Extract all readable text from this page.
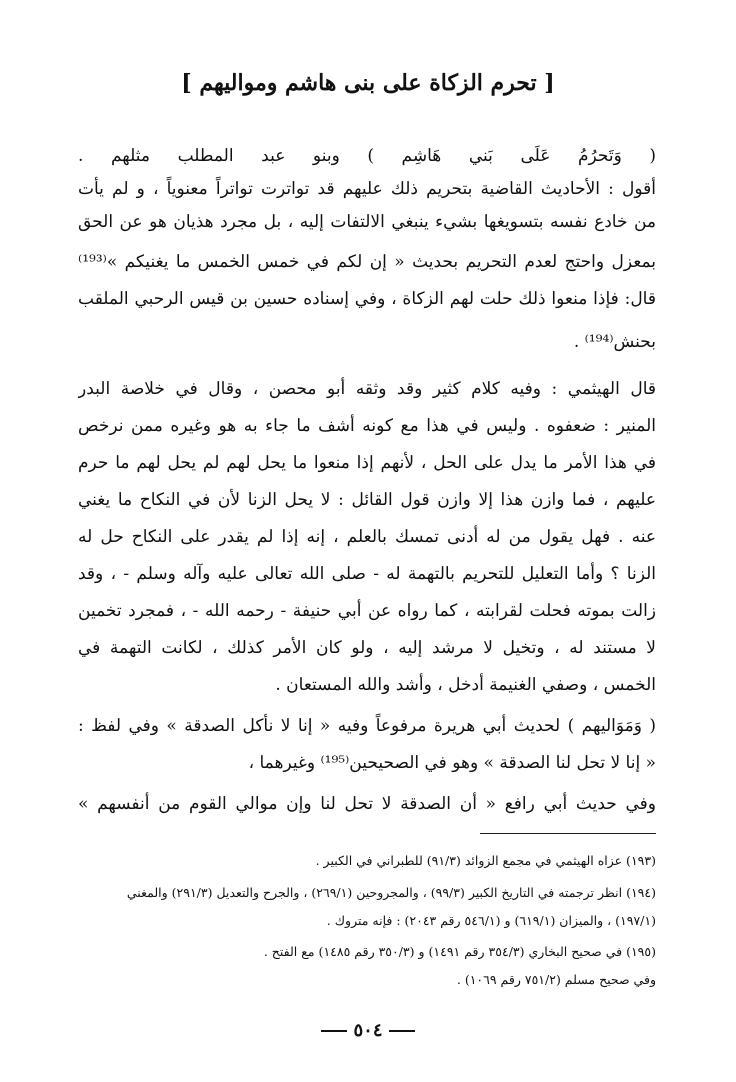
[ تحرم الزكاة على بنى هاشم ومواليهم ]
( وَتَحرُمُ عَلَى بَني هَاشِم ) وبنو عبد المطلب مثلهم .
أقول : الأحاديث القاضية بتحريم ذلك عليهم قد تواترت تواتراً معنوياً ، و لم يأت
من خادع نفسه بتسويغها بشيء ينبغي الالتفات إليه ، بل مجرد هذيان هو عن الحق
بمعزل واحتج لعدم التحريم بحديث « إن لكم في خمس الخمس ما يغنيكم »⁽¹⁹³⁾
قال: فإذا منعوا ذلك حلت لهم الزكاة ، وفي إسناده حسين بن قيس الرحبي الملقب
بحنش⁽¹⁹⁴⁾ .
قال الهيثمي : وفيه كلام كثير وقد وثقه أبو محصن ، وقال في خلاصة البدر
المنير : ضعفوه . وليس في هذا مع كونه أشف ما جاء به هو وغيره ممن نرخص
في هذا الأمر ما يدل على الحل ، لأنهم إذا منعوا ما يحل لهم لم يحل لهم ما حرم
عليهم ، فما وازن هذا إلا وازن قول القائل : لا يحل الزنا لأن في النكاح ما يغني
عنه . فهل يقول من له أدنى تمسك بالعلم ، إنه إذا لم يقدر على النكاح حل له
الزنا ؟ وأما التعليل للتحريم بالتهمة له - صلى الله تعالى عليه وآله وسلم - ، وقد
زالت بموته فحلت لقرابته ، كما رواه عن أبي حنيفة - رحمه الله - ، فمجرد تخمين
لا مستند له ، وتخيل لا مرشد إليه ، ولو كان الأمر كذلك ، لكانت التهمة في
الخمس ، وصفي الغنيمة أدخل ، وأشد والله المستعان .
( وَمَوَاليهم ) لحديث أبي هريرة مرفوعاً وفيه « إنا لا نأكل الصدقة » وفي لفظ :
« إنا لا تحل لنا الصدقة » وهو في الصحيحين⁽¹⁹⁵⁾ وغيرهما ،
وفي حديث أبي رافع « أن الصدقة لا تحل لنا وإن موالي القوم من أنفسهم »
(١٩٣) عزاه الهيثمي في مجمع الزوائد (٩١/٣) للطبراني في الكبير .
(١٩٤) انظر ترجمته في التاريخ الكبير (٩٩/٣) ، والمجروحين (٢٦٩/١) ، والجرح والتعديل (٢٩١/٣) والمغني
(١٩٧/١) ، والميزان (٦١٩/١) و (٥٤٦/١ رقم ٢٠٤٣) : فإنه متروك .
(١٩٥) في صحيح البخاري (٣٥٤/٣ رقم ١٤٩١) و (٣٥٠/٣ رقم ١٤٨٥) مع الفتح .
وفي صحيح مسلم (٧٥١/٢ رقم ١٠٦٩) .
٥٠٤
